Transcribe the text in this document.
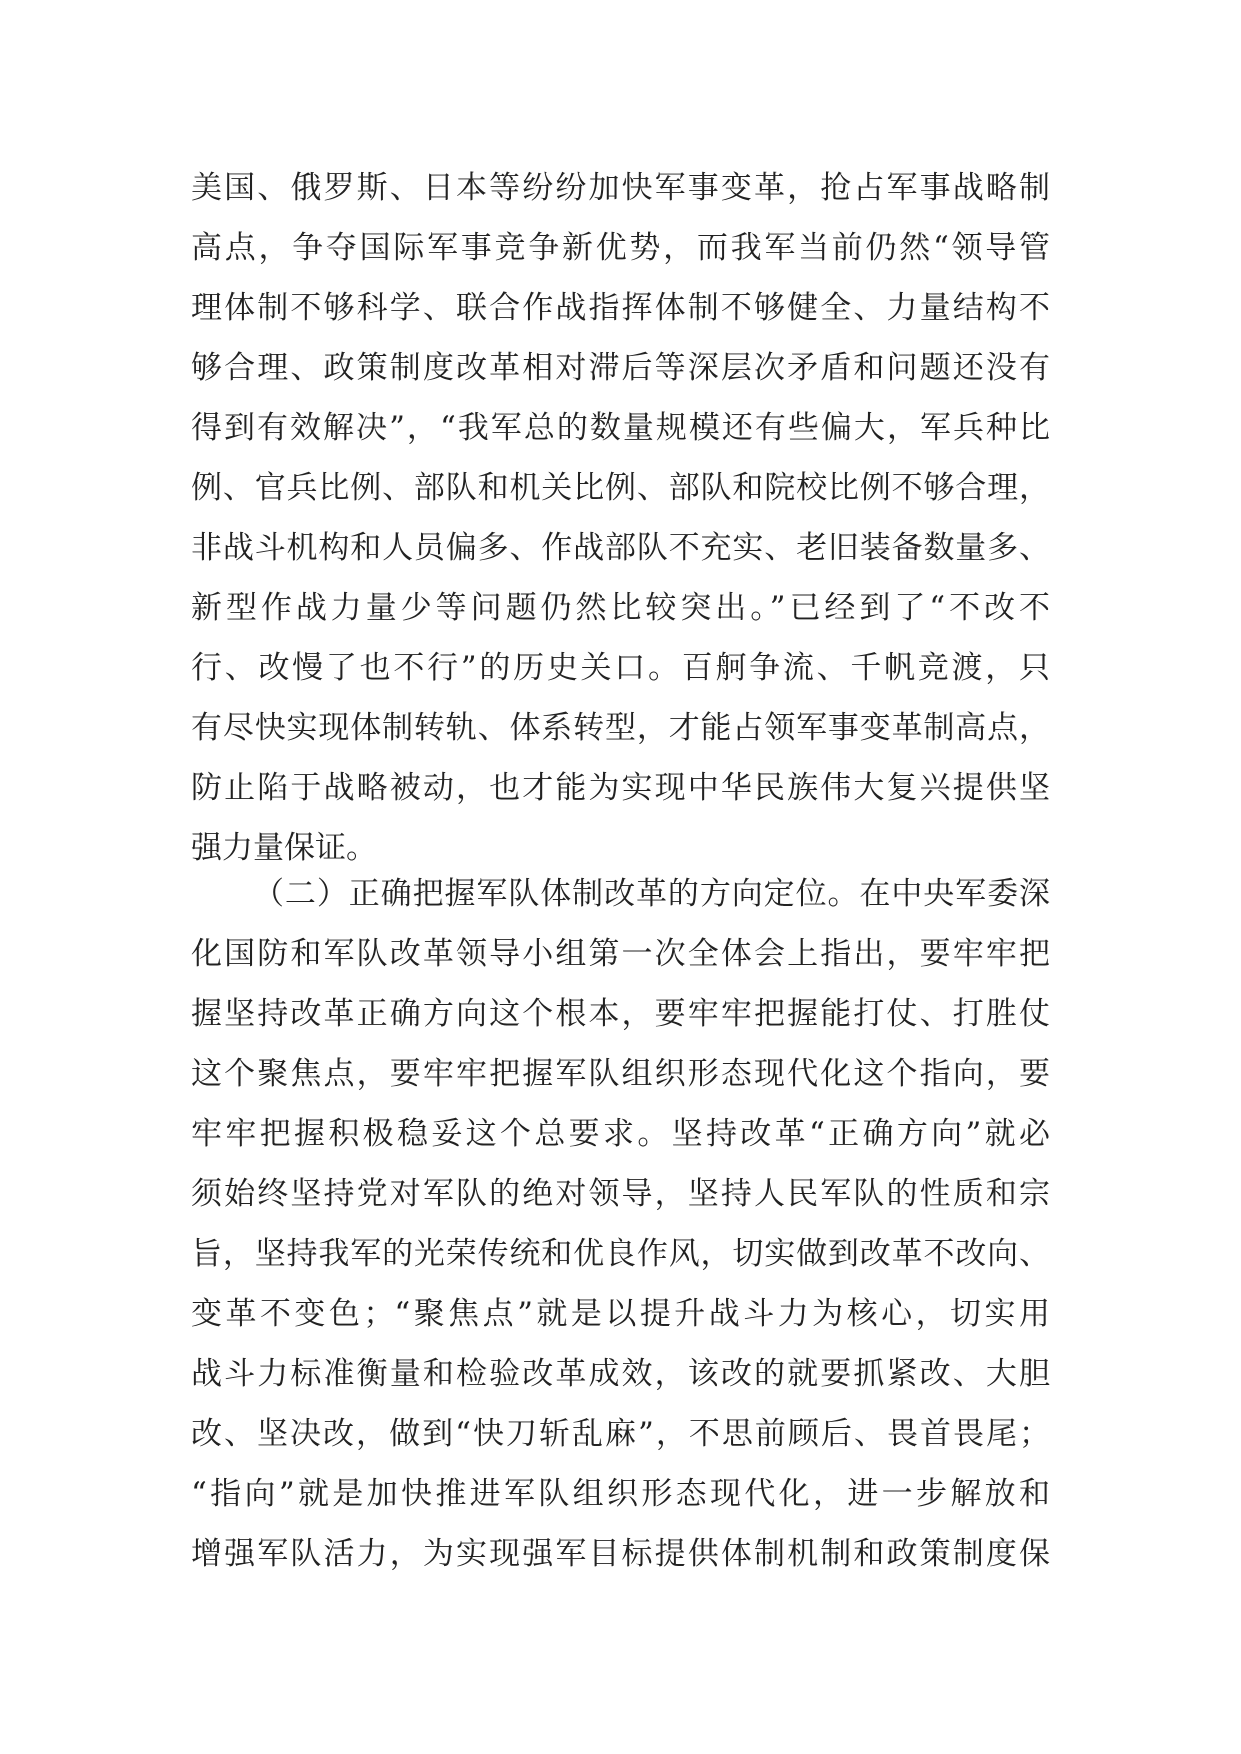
美国、俄罗斯、日本等纷纷加快军事变革，抢占军事战略制
高点，争夺国际军事竞争新优势，而我军当前仍然“领导管
理体制不够科学、联合作战指挥体制不够健全、力量结构不
够合理、政策制度改革相对滞后等深层次矛盾和问题还没有
得到有效解决”，“我军总的数量规模还有些偏大，军兵种比
例、官兵比例、部队和机关比例、部队和院校比例不够合理，
非战斗机构和人员偏多、作战部队不充实、老旧装备数量多、
新型作战力量少等问题仍然比较突出。”已经到了“不改不
行、改慢了也不行”的历史关口。百舸争流、千帆竞渡，只
有尽快实现体制转轨、体系转型，才能占领军事变革制高点，
防止陷于战略被动，也才能为实现中华民族伟大复兴提供坚
强力量保证。
（二）正确把握军队体制改革的方向定位。在中央军委深
化国防和军队改革领导小组第一次全体会上指出，要牢牢把
握坚持改革正确方向这个根本，要牢牢把握能打仗、打胜仗
这个聚焦点，要牢牢把握军队组织形态现代化这个指向，要
牢牢把握积极稳妥这个总要求。坚持改革“正确方向”就必
须始终坚持党对军队的绝对领导，坚持人民军队的性质和宗
旨，坚持我军的光荣传统和优良作风，切实做到改革不改向、
变革不变色；“聚焦点”就是以提升战斗力为核心，切实用
战斗力标准衡量和检验改革成效，该改的就要抓紧改、大胆
改、坚决改，做到“快刀斩乱麻”，不思前顾后、畏首畏尾；
“指向”就是加快推进军队组织形态现代化，进一步解放和
增强军队活力，为实现强军目标提供体制机制和政策制度保
